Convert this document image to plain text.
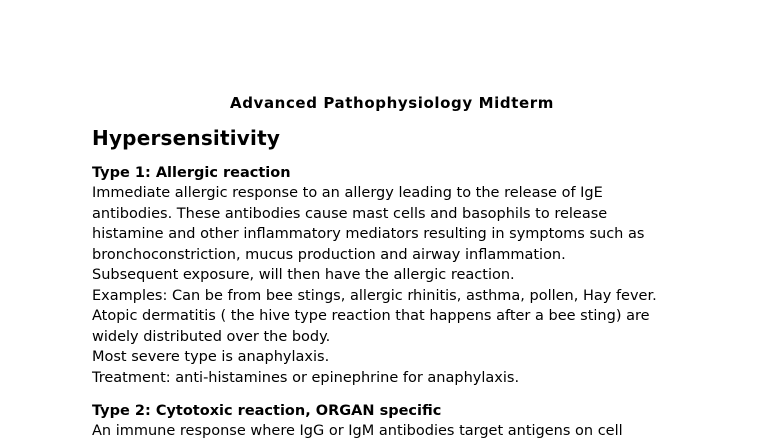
Advanced Pathophysiology Midterm
Hypersensitivity
Type 1: Allergic reaction
Immediate allergic response to an allergy leading to the release of IgE
antibodies. These antibodies cause mast cells and basophils to release
histamine and other inflammatory mediators resulting in symptoms such as
bronchoconstriction, mucus production and airway inflammation.
Subsequent exposure, will then have the allergic reaction.
Examples: Can be from bee stings, allergic rhinitis, asthma, pollen, Hay fever.
Atopic dermatitis ( the hive type reaction that happens after a bee sting) are
widely distributed over the body.
Most severe type is anaphylaxis.
Treatment: anti-histamines or epinephrine for anaphylaxis.
Type 2: Cytotoxic reaction, ORGAN specific
An immune response where IgG or IgM antibodies target antigens on cell
